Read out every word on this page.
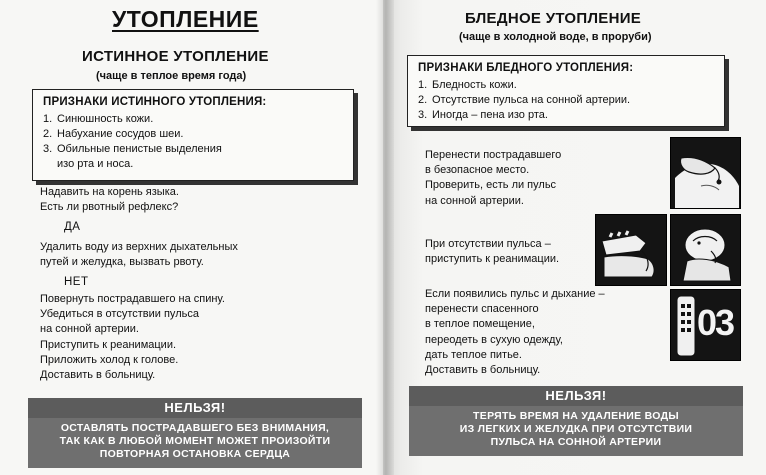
УТОПЛЕНИЕ
ИСТИННОЕ УТОПЛЕНИЕ
(чаще в теплое время года)
ПРИЗНАКИ ИСТИННОГО УТОПЛЕНИЯ:
1. Синюшность кожи.
2. Набухание сосудов шеи.
3. Обильные пенистые выделения
изо рта и носа.
Надавить на корень языка.
Есть ли рвотный рефлекс?
ДА
Удалить воду из верхних дыхательных
путей и желудка, вызвать рвоту.
НЕТ
Повернуть пострадавшего на спину.
Убедиться в отсутствии пульса
на сонной артерии.
Приступить к реанимации.
Приложить холод к голове.
Доставить в больницу.
НЕЛЬЗЯ!
ОСТАВЛЯТЬ ПОСТРАДАВШЕГО БЕЗ ВНИМАНИЯ,
ТАК КАК В ЛЮБОЙ МОМЕНТ МОЖЕТ ПРОИЗОЙТИ
ПОВТОРНАЯ ОСТАНОВКА СЕРДЦА
БЛЕДНОЕ УТОПЛЕНИЕ
(чаще в холодной воде, в проруби)
ПРИЗНАКИ БЛЕДНОГО УТОПЛЕНИЯ:
1. Бледность кожи.
2. Отсутствие пульса на сонной артерии.
3. Иногда – пена изо рта.
Перенести пострадавшего
в безопасное место.
Проверить, есть ли пульс
на сонной артерии.
При отсутствии пульса –
приступить к реанимации.
Если появились пульс и дыхание –
перенести спасенного
в теплое помещение,
переодеть в сухую одежду,
дать теплое питье.
Доставить в больницу.
03
НЕЛЬЗЯ!
ТЕРЯТЬ ВРЕМЯ НА УДАЛЕНИЕ ВОДЫ
ИЗ ЛЕГКИХ И ЖЕЛУДКА ПРИ ОТСУТСТВИИ
ПУЛЬСА НА СОННОЙ АРТЕРИИ
